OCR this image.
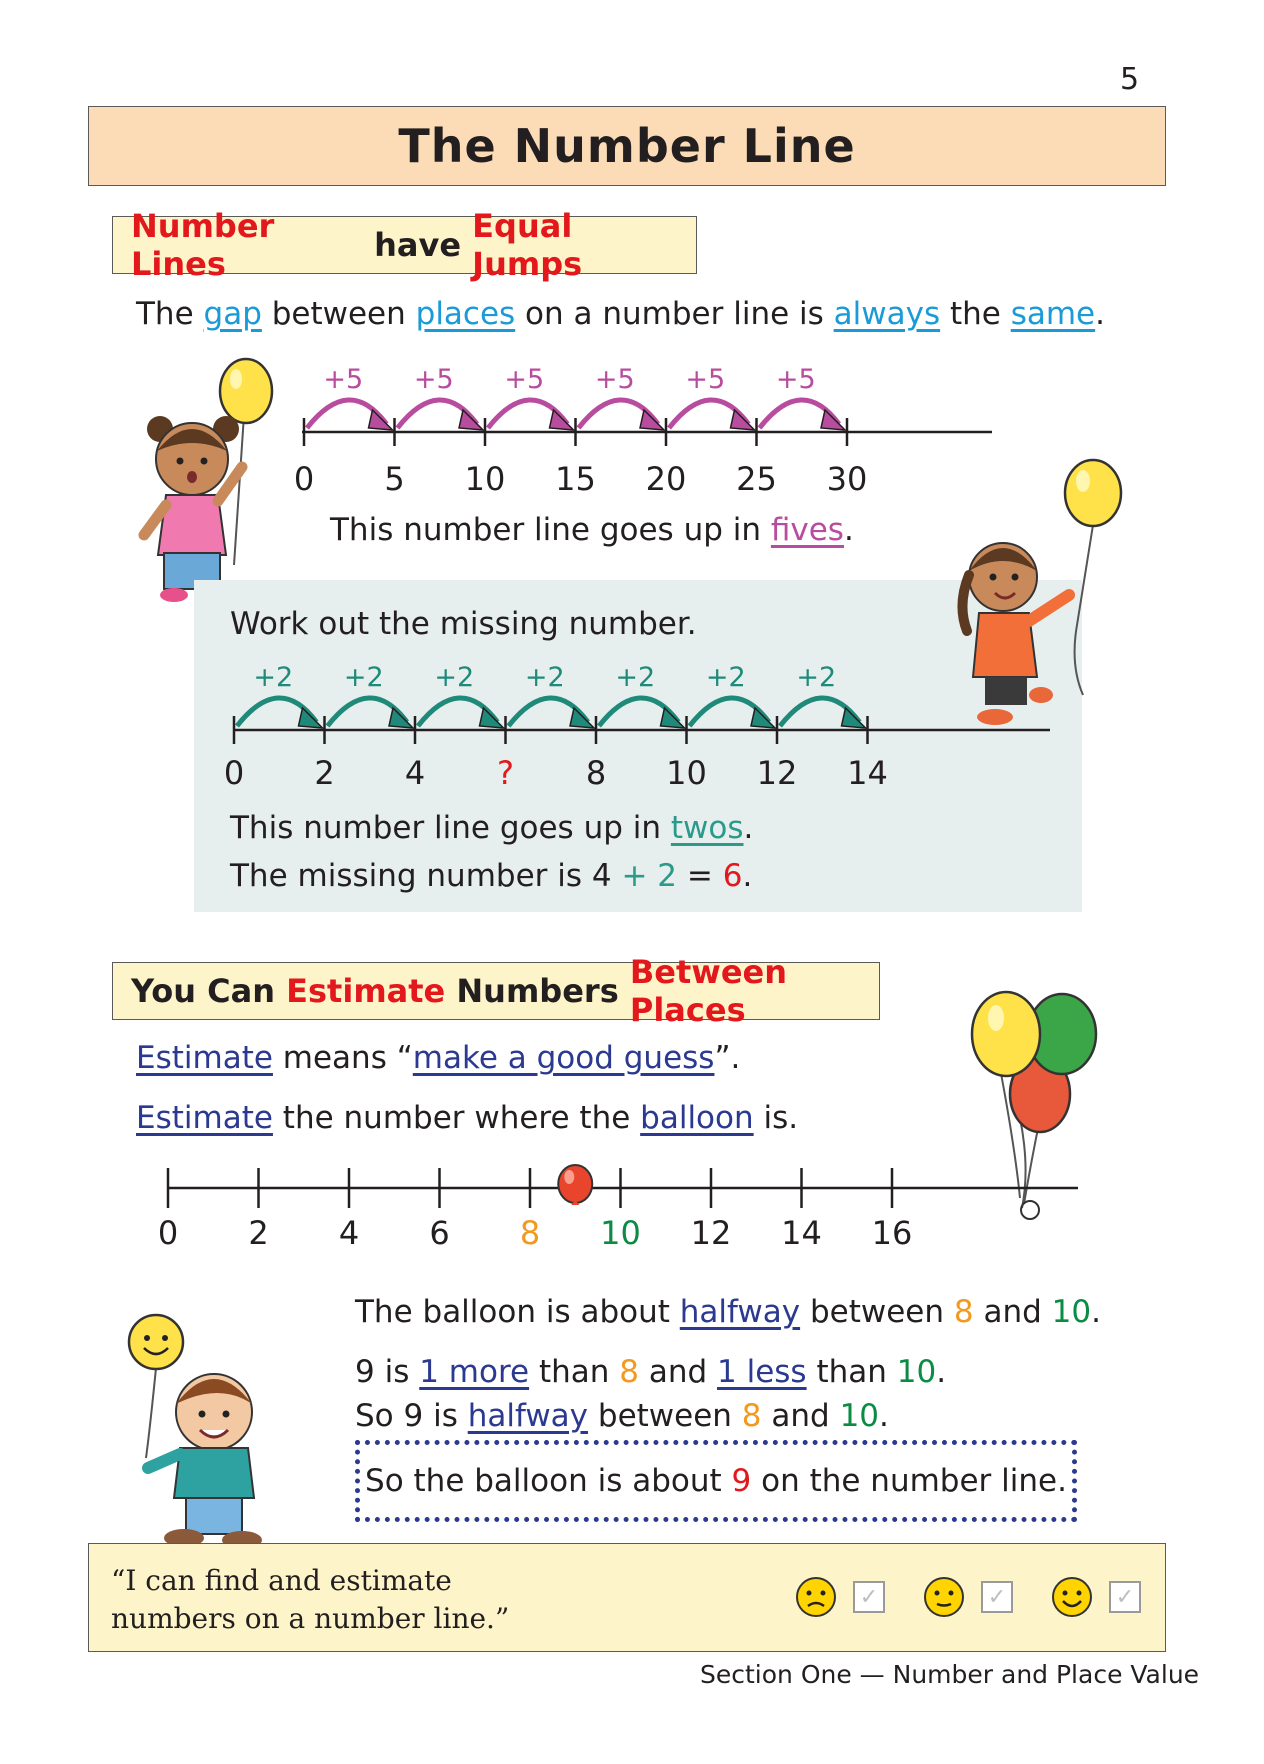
5
The Number Line
Number Lines	have Equal Jumps
The gap between places on a number line is always the same.
+5 +5 +5 +5 +5 +5
0 5 10 15 20 25 30
This number line goes up in fives.
Work out the missing number.
+2 +2 +2 +2 +2 +2 +2
0 2 4 ? 8 10 12 14
This number line goes up in twos.
The missing number is 4 + 2 = 6.
You Can Estimate Numbers Between Places
Estimate means “make a good guess”.
Estimate the number where the balloon is.
0 2 4 6 8 10 12 14 16
The balloon is about halfway between 8 and 10.
9 is 1 more than 8 and 1 less than 10.
So 9 is halfway between 8 and 10.
So the balloon is about 9 on the number line.
“I can find and estimate
numbers on a number line.”
✓	✓	✓
Section One — Number and Place Value
